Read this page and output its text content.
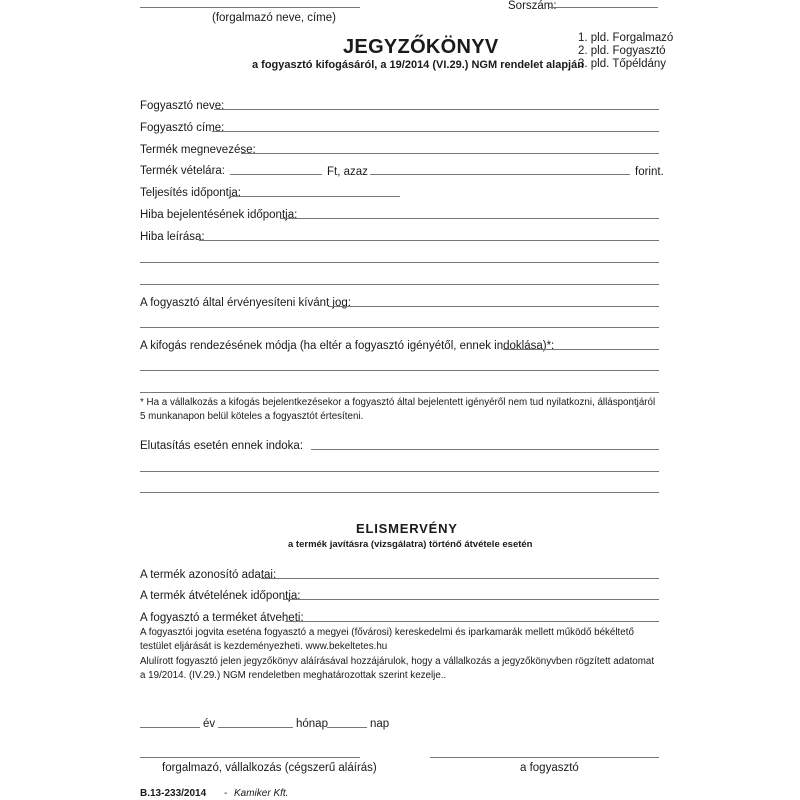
(forgalmazó neve, címe)
Sorszám:
1. pld. Forgalmazó
2. pld. Fogyasztó
3. pld. Tőpéldány
JEGYZŐKÖNYV
a fogyasztó kifogásáról, a 19/2014 (VI.29.) NGM rendelet alapján
Fogyasztó neve:
Fogyasztó címe:
Termék megnevezése:
Termék vételára:	Ft, azaz	forint.
Teljesítés időpontja:
Hiba bejelentésének időpontja:
Hiba leírása:
A fogyasztó által érvényesíteni kívánt jog:
A kifogás rendezésének módja (ha eltér a fogyasztó igényétől, ennek indoklása)*:
* Ha a vállalkozás a kifogás bejelentkezésekor a fogyasztó által bejelentett igényéről nem tud nyilatkozni, álláspontjáról 5 munkanapon belül köteles a fogyasztót értesíteni.
Elutasítás esetén ennek indoka:
ELISMERVÉNY
a termék javításra (vizsgálatra) történő átvétele esetén
A termék azonosító adatai:
A termék átvételének időpontja:
A fogyasztó a terméket átveheti:
A fogyasztói jogvita eseténa fogyasztó a megyei (fővárosi) kereskedelmi és iparkamarák mellett működő békéltető testület eljárását is kezdeményezheti. www.bekeltetes.hu
Alulírott fogyasztó jelen jegyzőkönyv aláírásával hozzájárulok, hogy a vállalkozás a jegyzőkönyvben rögzített adatomat a 19/2014. (IV.29.) NGM rendeletben meghatározottak szerint kezelje..
év	hónap	nap
forgalmazó, vállalkozás (cégszerű aláírás)	a fogyasztó
B.13-233/2014 - Kamiker Kft.
